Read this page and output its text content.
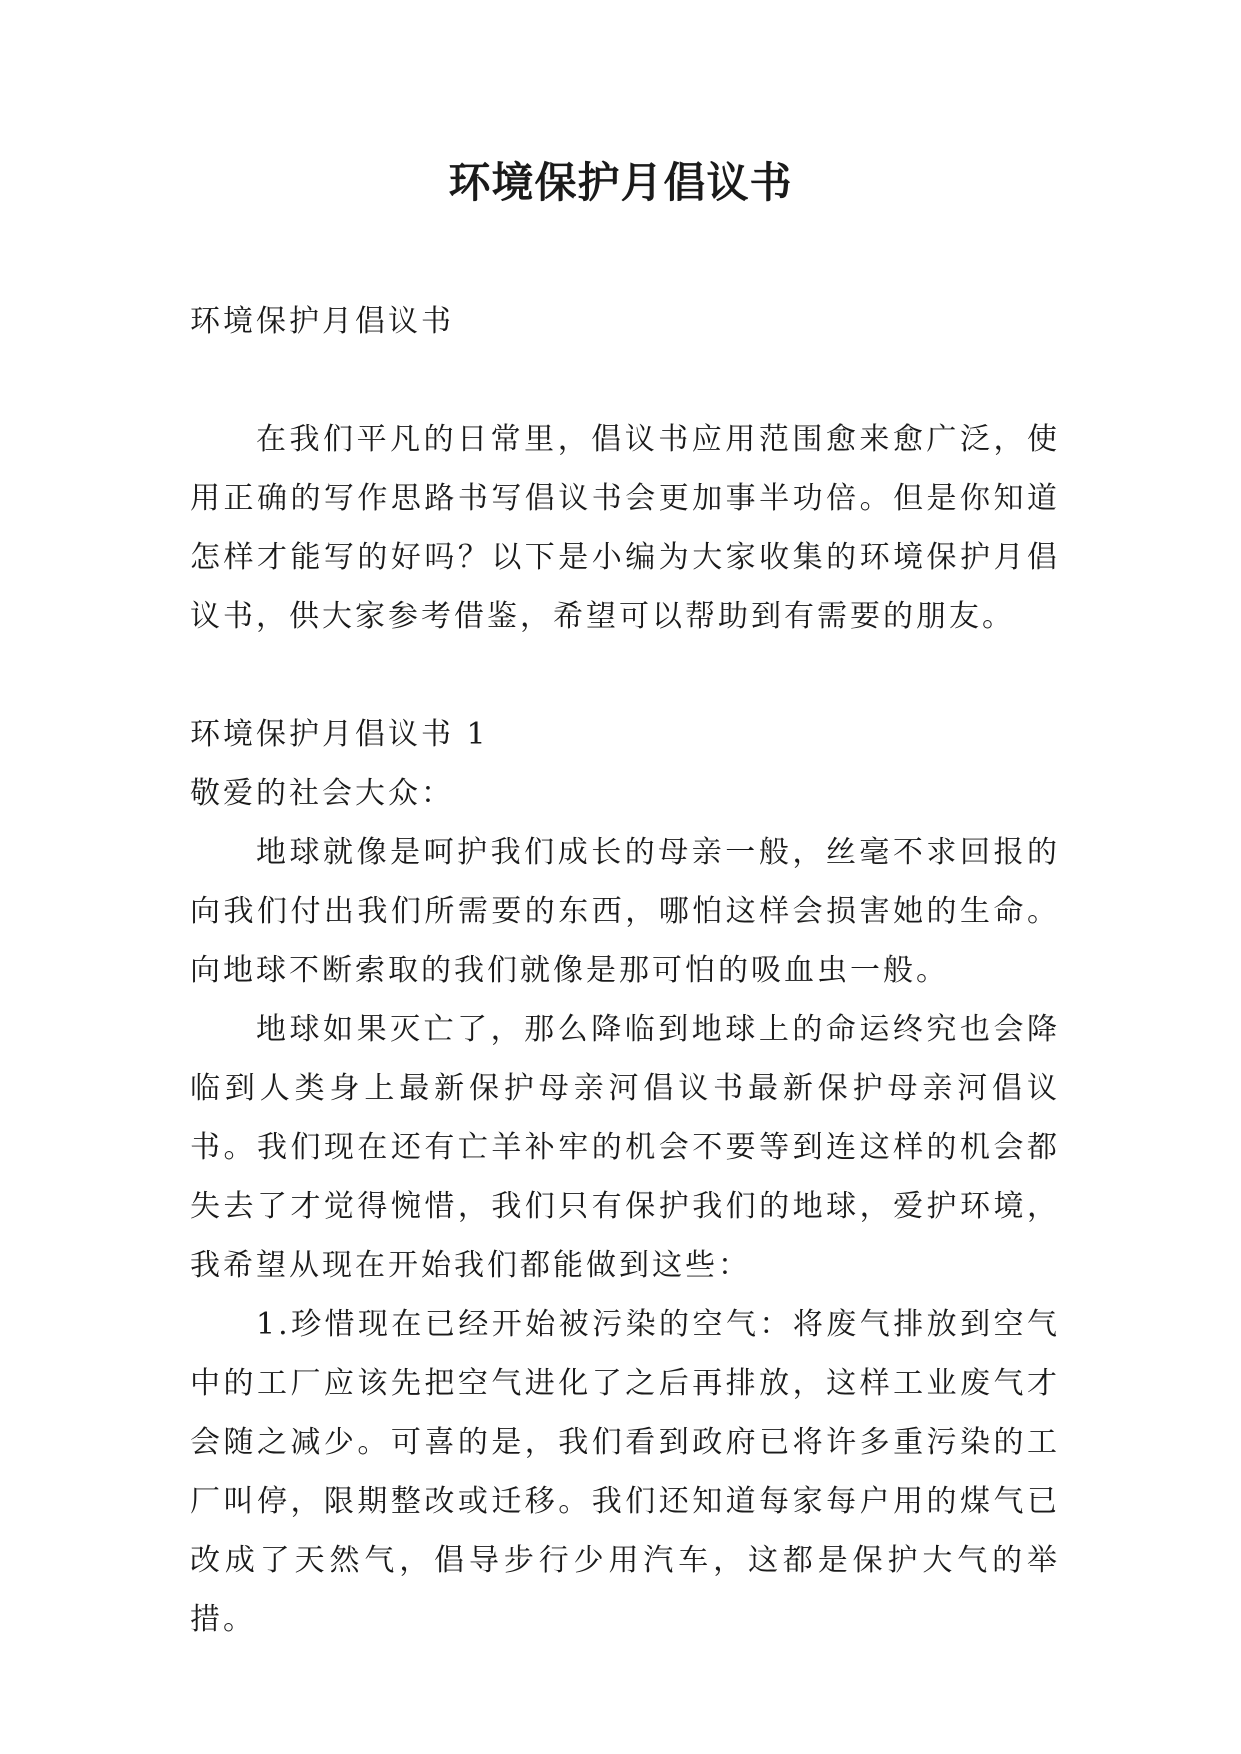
环境保护月倡议书

环境保护月倡议书

在我们平凡的日常里，倡议书应用范围愈来愈广泛，使用正确的写作思路书写倡议书会更加事半功倍。但是你知道怎样才能写的好吗？以下是小编为大家收集的环境保护月倡议书，供大家参考借鉴，希望可以帮助到有需要的朋友。

环境保护月倡议书 1

敬爱的社会大众：

地球就像是呵护我们成长的母亲一般，丝毫不求回报的向我们付出我们所需要的东西，哪怕这样会损害她的生命。向地球不断索取的我们就像是那可怕的吸血虫一般。

地球如果灭亡了，那么降临到地球上的命运终究也会降临到人类身上最新保护母亲河倡议书最新保护母亲河倡议书。我们现在还有亡羊补牢的机会不要等到连这样的机会都失去了才觉得惋惜，我们只有保护我们的地球，爱护环境，我希望从现在开始我们都能做到这些：

1.珍惜现在已经开始被污染的空气：将废气排放到空气中的工厂应该先把空气进化了之后再排放，这样工业废气才会随之减少。可喜的是，我们看到政府已将许多重污染的工厂叫停，限期整改或迁移。我们还知道每家每户用的煤气已改成了天然气，倡导步行少用汽车，这都是保护大气的举措。
